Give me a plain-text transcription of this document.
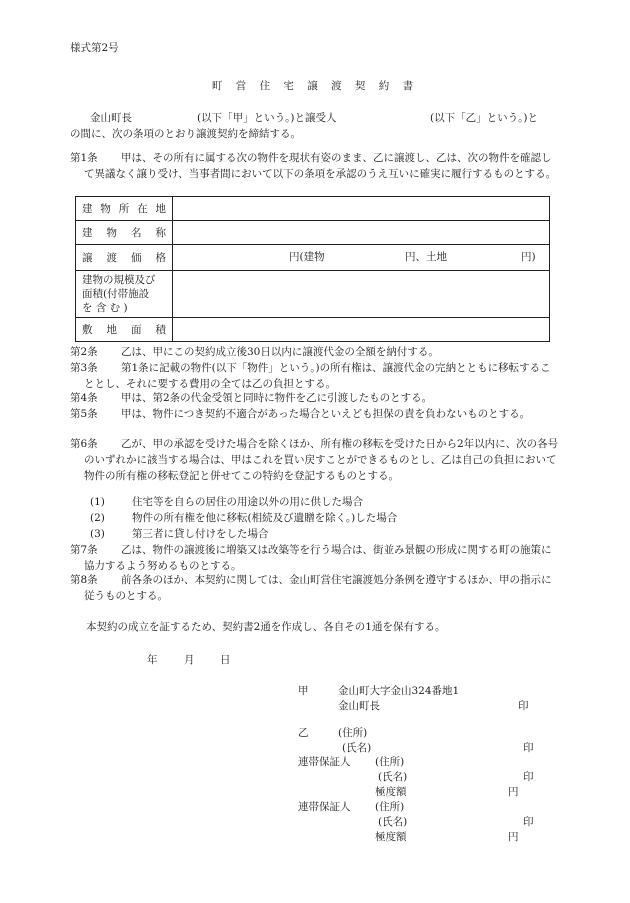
様式第2号
町 営 住 宅 譲 渡 契 約 書
金山町長	(以下「甲」という。)と譲受人	(以下「乙」という。)と
の間に、次の条項のとおり譲渡契約を締結する。
第1条	甲は、その所有に属する次の物件を現状有姿のまま、乙に譲渡し、乙は、次の物件を確認して異議なく譲り受け、当事者間において以下の条項を承認のうえ互いに確実に履行するものとする。
建 物 所 在 地	

建 物 名 称	

譲 渡 価 格	円(建物 円、土地 円)

建物の規模及び
面積(付帯施設
を 含 む )	

敷 地 面 積	

第2条	乙は、甲にこの契約成立後30日以内に譲渡代金の全額を納付する。
第3条	第1条に記載の物件(以下「物件」という。)の所有権は、譲渡代金の完納とともに移転することとし、それに要する費用の全ては乙の負担とする。
第4条	甲は、第2条の代金受領と同時に物件を乙に引渡したものとする。
第5条	甲は、物件につき契約不適合があった場合といえども担保の責を負わないものとする。
第6条	乙が、甲の承認を受けた場合を除くほか、所有権の移転を受けた日から2年以内に、次の各号のいずれかに該当する場合は、甲はこれを買い戻すことができるものとし、乙は自己の負担において物件の所有権の移転登記と併せてこの特約を登記するものとする。
(1)	住宅等を自らの居住の用途以外の用に供した場合
(2)	物件の所有権を他に移転(相続及び遺贈を除く。)した場合
(3)	第三者に貸し付けをした場合
第7条	乙は、物件の譲渡後に増築又は改築等を行う場合は、街並み景観の形成に関する町の施策に協力するよう努めるものとする。
第8条	前各条のほか、本契約に関しては、金山町営住宅譲渡処分条例を遵守するほか、甲の指示に従うものとする。
本契約の成立を証するため、契約書2通を作成し、各自その1通を保有する。
年	月 日
甲	金山町大字金山324番地1
金山町長	印
乙	(住所)
(氏名)	印
連帯保証人 (住所)
(氏名)	印
極度額	円
連帯保証人 (住所)
(氏名)	印
極度額	円
